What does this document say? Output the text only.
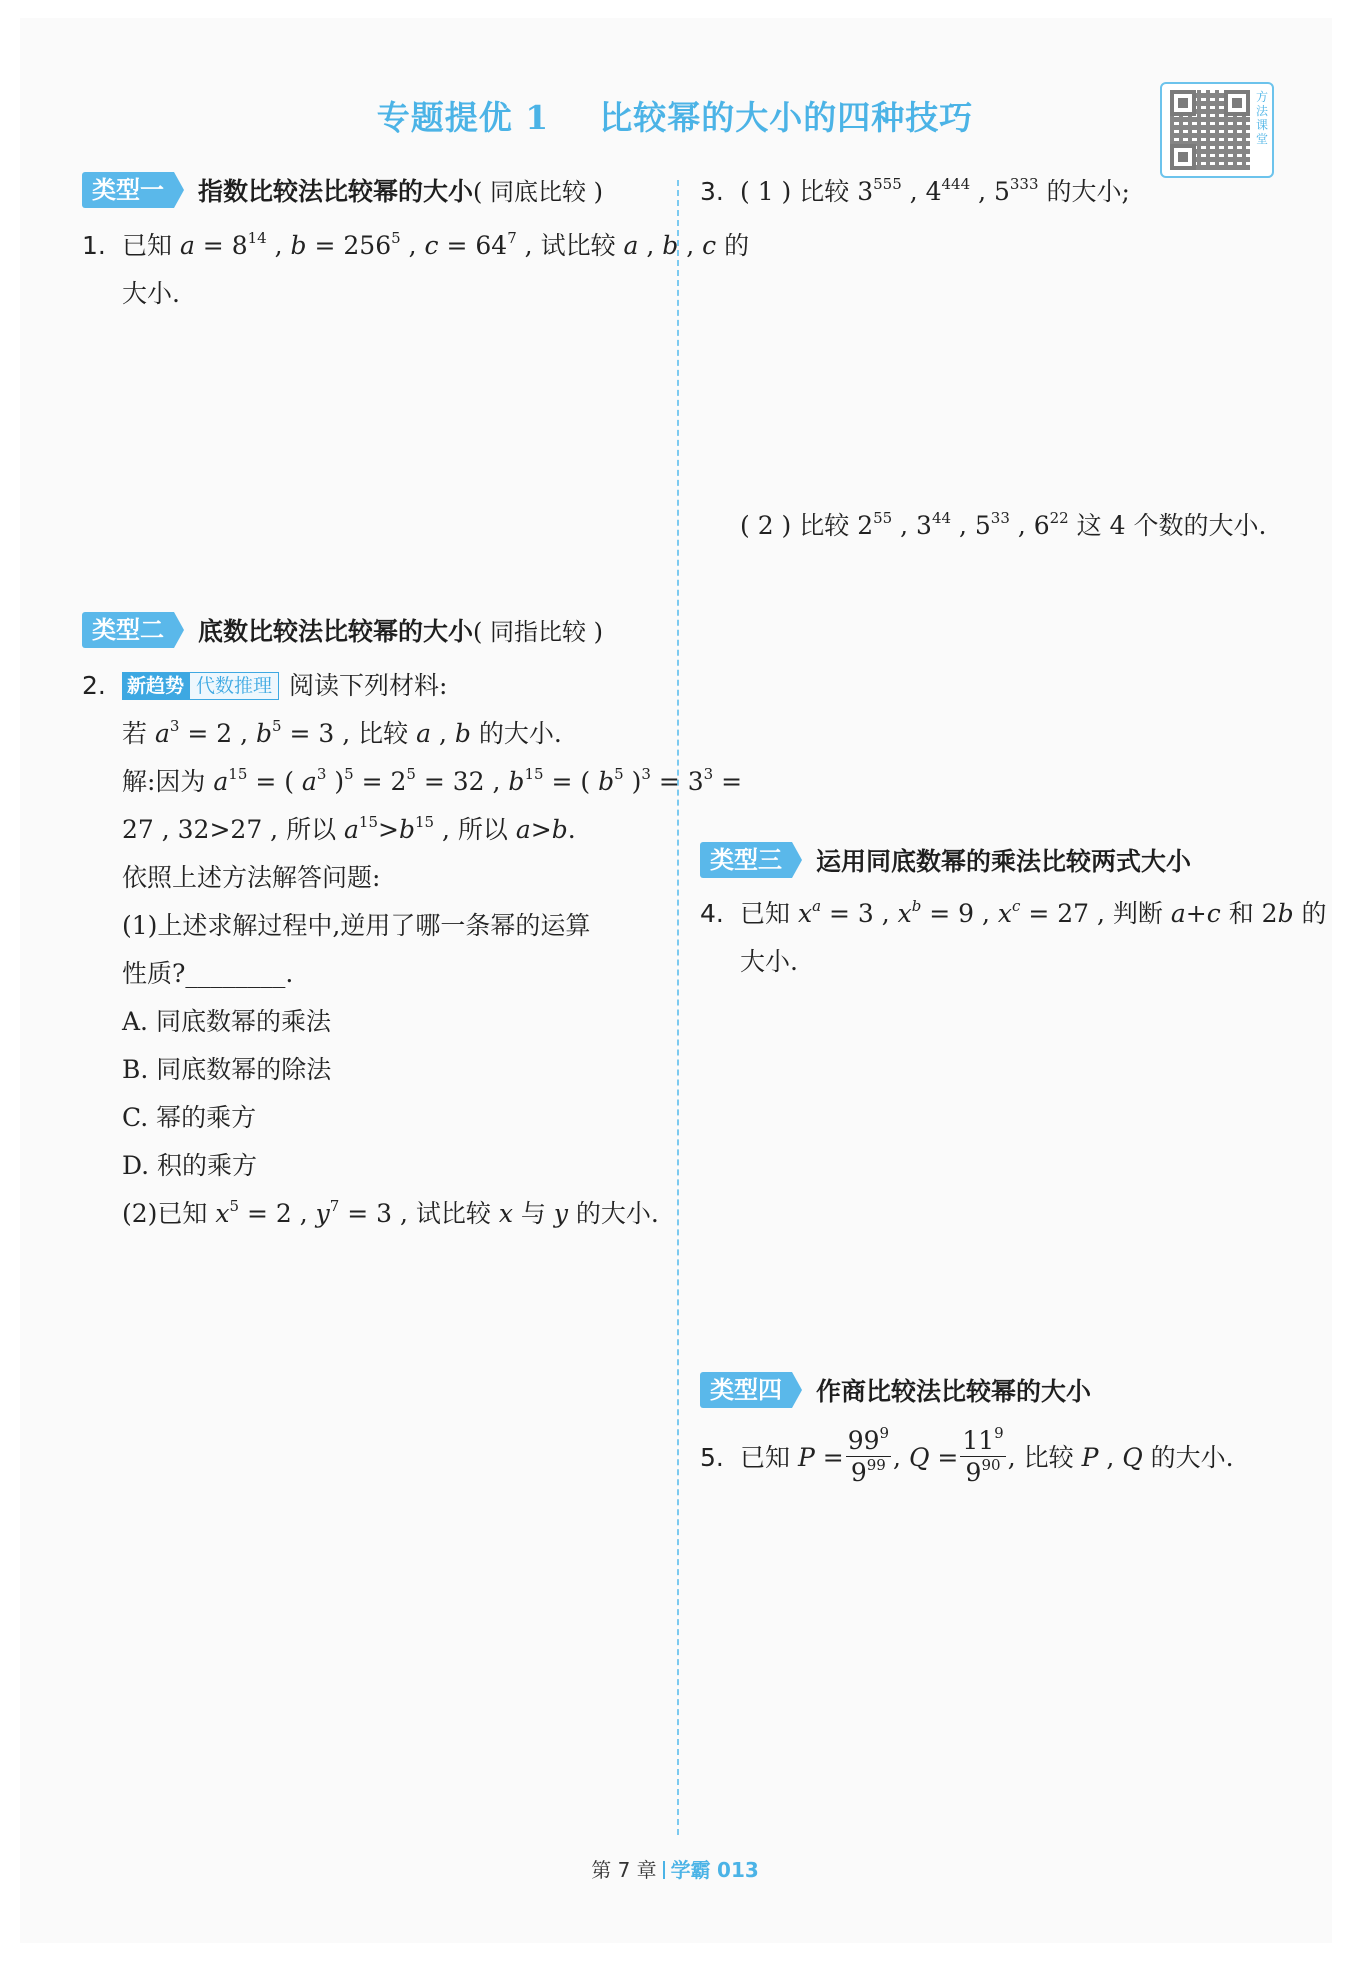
专题提优 1    比较幂的大小的四种技巧
方法课堂
类型一	指数比较法比较幂的大小( 同底比较 )
1. 已知 $a = 8^{14}$ , $b = 256^5$ , $c = 64^7$ , 试比较 a , b , c 的
大小.
类型二	底数比较法比较幂的大小( 同指比较 )
2. 新趋势 代数推理 阅读下列材料:
若 $a^3 = 2$ , $b^5 = 3$ , 比较 a , b 的大小.
解:因为 $a^{15}$ = ( $a^3$ )$^5 = 2^5 = 32$ , $b^{15}$ = ( $b^5$ )$^3 = 3^3$ =
27 , 32>27 , 所以 $a^{15}>b^{15}$ , 所以 a>b.
依照上述方法解答问题:
(1)上述求解过程中,逆用了哪一条幂的运算
性质?________.
A. 同底数幂的乘法
B. 同底数幂的除法
C. 幂的乘方
D. 积的乘方
(2)已知 $x^5 = 2$ , $y^7 = 3$ , 试比较 x 与 y 的大小.
3. ( 1 ) 比较 $3^{555}$ , $4^{444}$ , $5^{333}$ 的大小;
( 2 ) 比较 $2^{55}$ , $3^{44}$ , $5^{33}$ , $6^{22}$ 这 4 个数的大小.
类型三	运用同底数幂的乘法比较两式大小
4. 已知 $x^a = 3$ , $x^b = 9$ , $x^c = 27$ , 判断 a+c 和 2b 的
大小.
类型四	作商比较法比较幂的大小
5. 已知 $P = \frac{99^9}{9^{99}}$ , $Q = \frac{11^9}{9^{90}}$ , 比较 P , Q 的大小.
第 7 章 学霸 013
